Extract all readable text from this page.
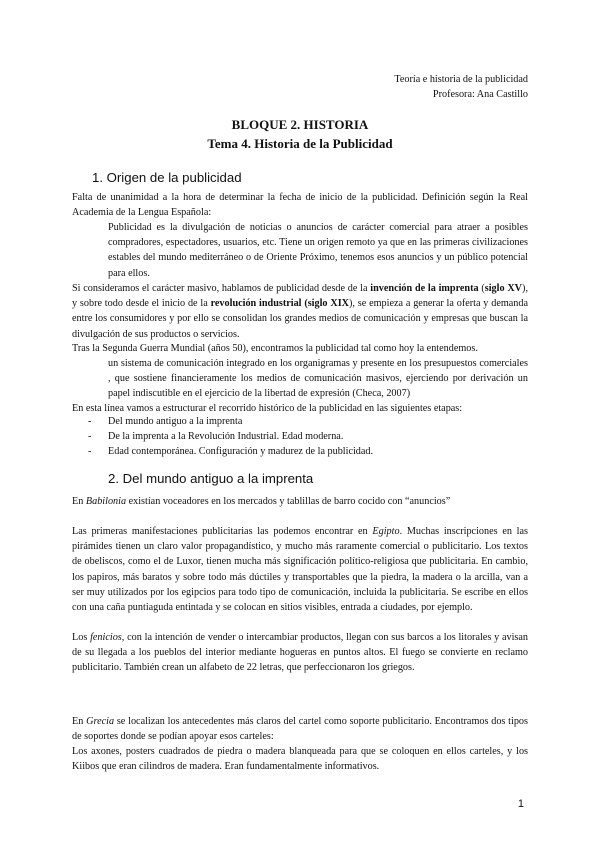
Teoría e historia de la publicidad
Profesora: Ana Castillo
BLOQUE 2. HISTORIA
Tema 4. Historia de la Publicidad
1. Origen de la publicidad
Falta de unanimidad a la hora de determinar la fecha de inicio de la publicidad. Definición según la Real Academia de la Lengua Española:
Publicidad es la divulgación de noticias o anuncios de carácter comercial para atraer a posibles compradores, espectadores, usuarios, etc. Tiene un origen remoto ya que en las primeras civilizaciones estables del mundo mediterráneo o de Oriente Próximo, tenemos esos anuncios y un público potencial para ellos.
Si consideramos el carácter masivo, hablamos de publicidad desde de la invención de la imprenta (siglo XV), y sobre todo desde el inicio de la revolución industrial (siglo XIX), se empieza a generar la oferta y demanda entre los consumidores y por ello se consolidan los grandes medios de comunicación y empresas que buscan la divulgación de sus productos o servicios.
Tras la Segunda Guerra Mundial (años 50), encontramos la publicidad tal como hoy la entendemos.
un sistema de comunicación integrado en los organigramas y presente en los presupuestos comerciales , que sostiene financieramente los medios de comunicación masivos, ejerciendo por derivación un papel indiscutible en el ejercicio de la libertad de expresión (Checa, 2007)
En esta línea vamos a estructurar el recorrido histórico de la publicidad en las siguientes etapas:
- Del mundo antiguo a la imprenta
- De la imprenta a la Revolución Industrial. Edad moderna.
- Edad contemporánea. Configuración y madurez de la publicidad.
2. Del mundo antiguo a la imprenta
En Babilonia existían voceadores en los mercados y tablillas de barro cocido con “anuncios”
Las primeras manifestaciones publicitarias las podemos encontrar en Egipto. Muchas inscripciones en las pirámides tienen un claro valor propagandístico, y mucho más raramente comercial o publicitario. Los textos de obeliscos, como el de Luxor, tienen mucha más significación político-religiosa que publicitaria. En cambio, los papiros, más baratos y sobre todo más dúctiles y transportables que la piedra, la madera o la arcilla, van a ser muy utilizados por los egipcios para todo tipo de comunicación, incluida la publicitaria. Se escribe en ellos con una caña puntiaguda entintada y se colocan en sitios visibles, entrada a ciudades, por ejemplo.
Los fenicios, con la intención de vender o intercambiar productos, llegan con sus barcos a los litorales y avisan de su llegada a los pueblos del interior mediante hogueras en puntos altos. El fuego se convierte en reclamo publicitario. También crean un alfabeto de 22 letras, que perfeccionaron los griegos.
En Grecia se localizan los antecedentes más claros del cartel como soporte publicitario. Encontramos dos tipos de soportes donde se podían apoyar esos carteles:
Los axones, posters cuadrados de piedra o madera blanqueada para que se coloquen en ellos carteles, y los Kiibos que eran cilindros de madera. Eran fundamentalmente informativos.
1
